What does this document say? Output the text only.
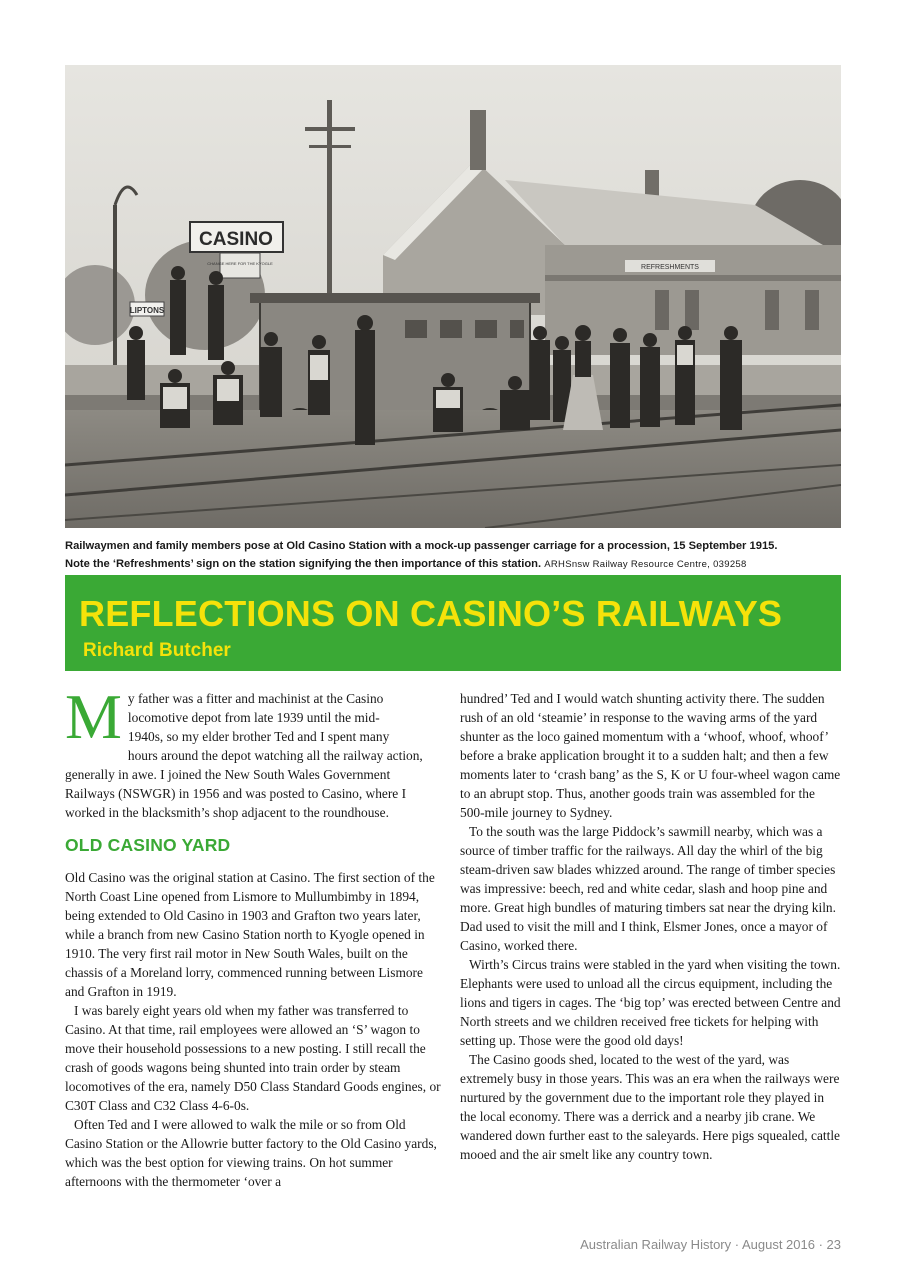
REFRESHMENTS
CASINO
CHANGE HERE FOR THE KYOGLE
LIPTONS
Railwaymen and family members pose at Old Casino Station with a mock-up passenger carriage for a procession, 15 September 1915.
Note the ‘Refreshments’ sign on the station signifying the then importance of this station. ARHSnsw Railway Resource Centre, 039258
REFLECTIONS ON CASINO’S RAILWAYS
Richard Butcher

M y father was a fitter and machinist at the Casino
locomotive depot from late 1939 until the mid-
1940s, so my elder brother Ted and I spent many
hours around the depot watching all the railway action, generally in awe. I joined the New South Wales Government Railways (NSWGR) in 1956 and was posted to Casino, where I worked in the blacksmith’s shop adjacent to the roundhouse.

OLD CASINO YARD

Old Casino was the original station at Casino. The first section of the North Coast Line opened from Lismore to Mullumbimby in 1894, being extended to Old Casino in 1903 and Grafton two years later, while a branch from new Casino Station north to Kyogle opened in 1910. The very first rail motor in New South Wales, built on the chassis of a Moreland lorry, commenced running between Lismore and Grafton in 1919.

I was barely eight years old when my father was transferred to Casino. At that time, rail employees were allowed an ‘S’ wagon to move their household possessions to a new posting. I still recall the crash of goods wagons being shunted into train order by steam locomotives of the era, namely D50 Class Standard Goods engines, or C30T Class and C32 Class 4-6-0s.

Often Ted and I were allowed to walk the mile or so from Old Casino Station or the Allowrie butter factory to the Old Casino yards, which was the best option for viewing trains. On hot summer afternoons with the thermometer ‘over a

hundred’ Ted and I would watch shunting activity there. The sudden rush of an old ‘steamie’ in response to the waving arms of the yard shunter as the loco gained momentum with a ‘whoof, whoof, whoof’ before a brake application brought it to a sudden halt; and then a few moments later to ‘crash bang’ as the S, K or U four-wheel wagon came to an abrupt stop. Thus, another goods train was assembled for the 500-mile journey to Sydney.

To the south was the large Piddock’s sawmill nearby, which was a source of timber traffic for the railways. All day the whirl of the big steam-driven saw blades whizzed around. The range of timber species was impressive: beech, red and white cedar, slash and hoop pine and more. Great high bundles of maturing timbers sat near the drying kiln. Dad used to visit the mill and I think, Elsmer Jones, once a mayor of Casino, worked there.

Wirth’s Circus trains were stabled in the yard when visiting the town. Elephants were used to unload all the circus equipment, including the lions and tigers in cages. The ‘big top’ was erected between Centre and North streets and we children received free tickets for helping with setting up. Those were the good old days!

The Casino goods shed, located to the west of the yard, was extremely busy in those years. This was an era when the railways were nurtured by the government due to the important role they played in the local economy. There was a derrick and a nearby jib crane. We wandered down further east to the saleyards. Here pigs squealed, cattle mooed and the air smelt like any country town.

Australian Railway History · August 2016 · 23
